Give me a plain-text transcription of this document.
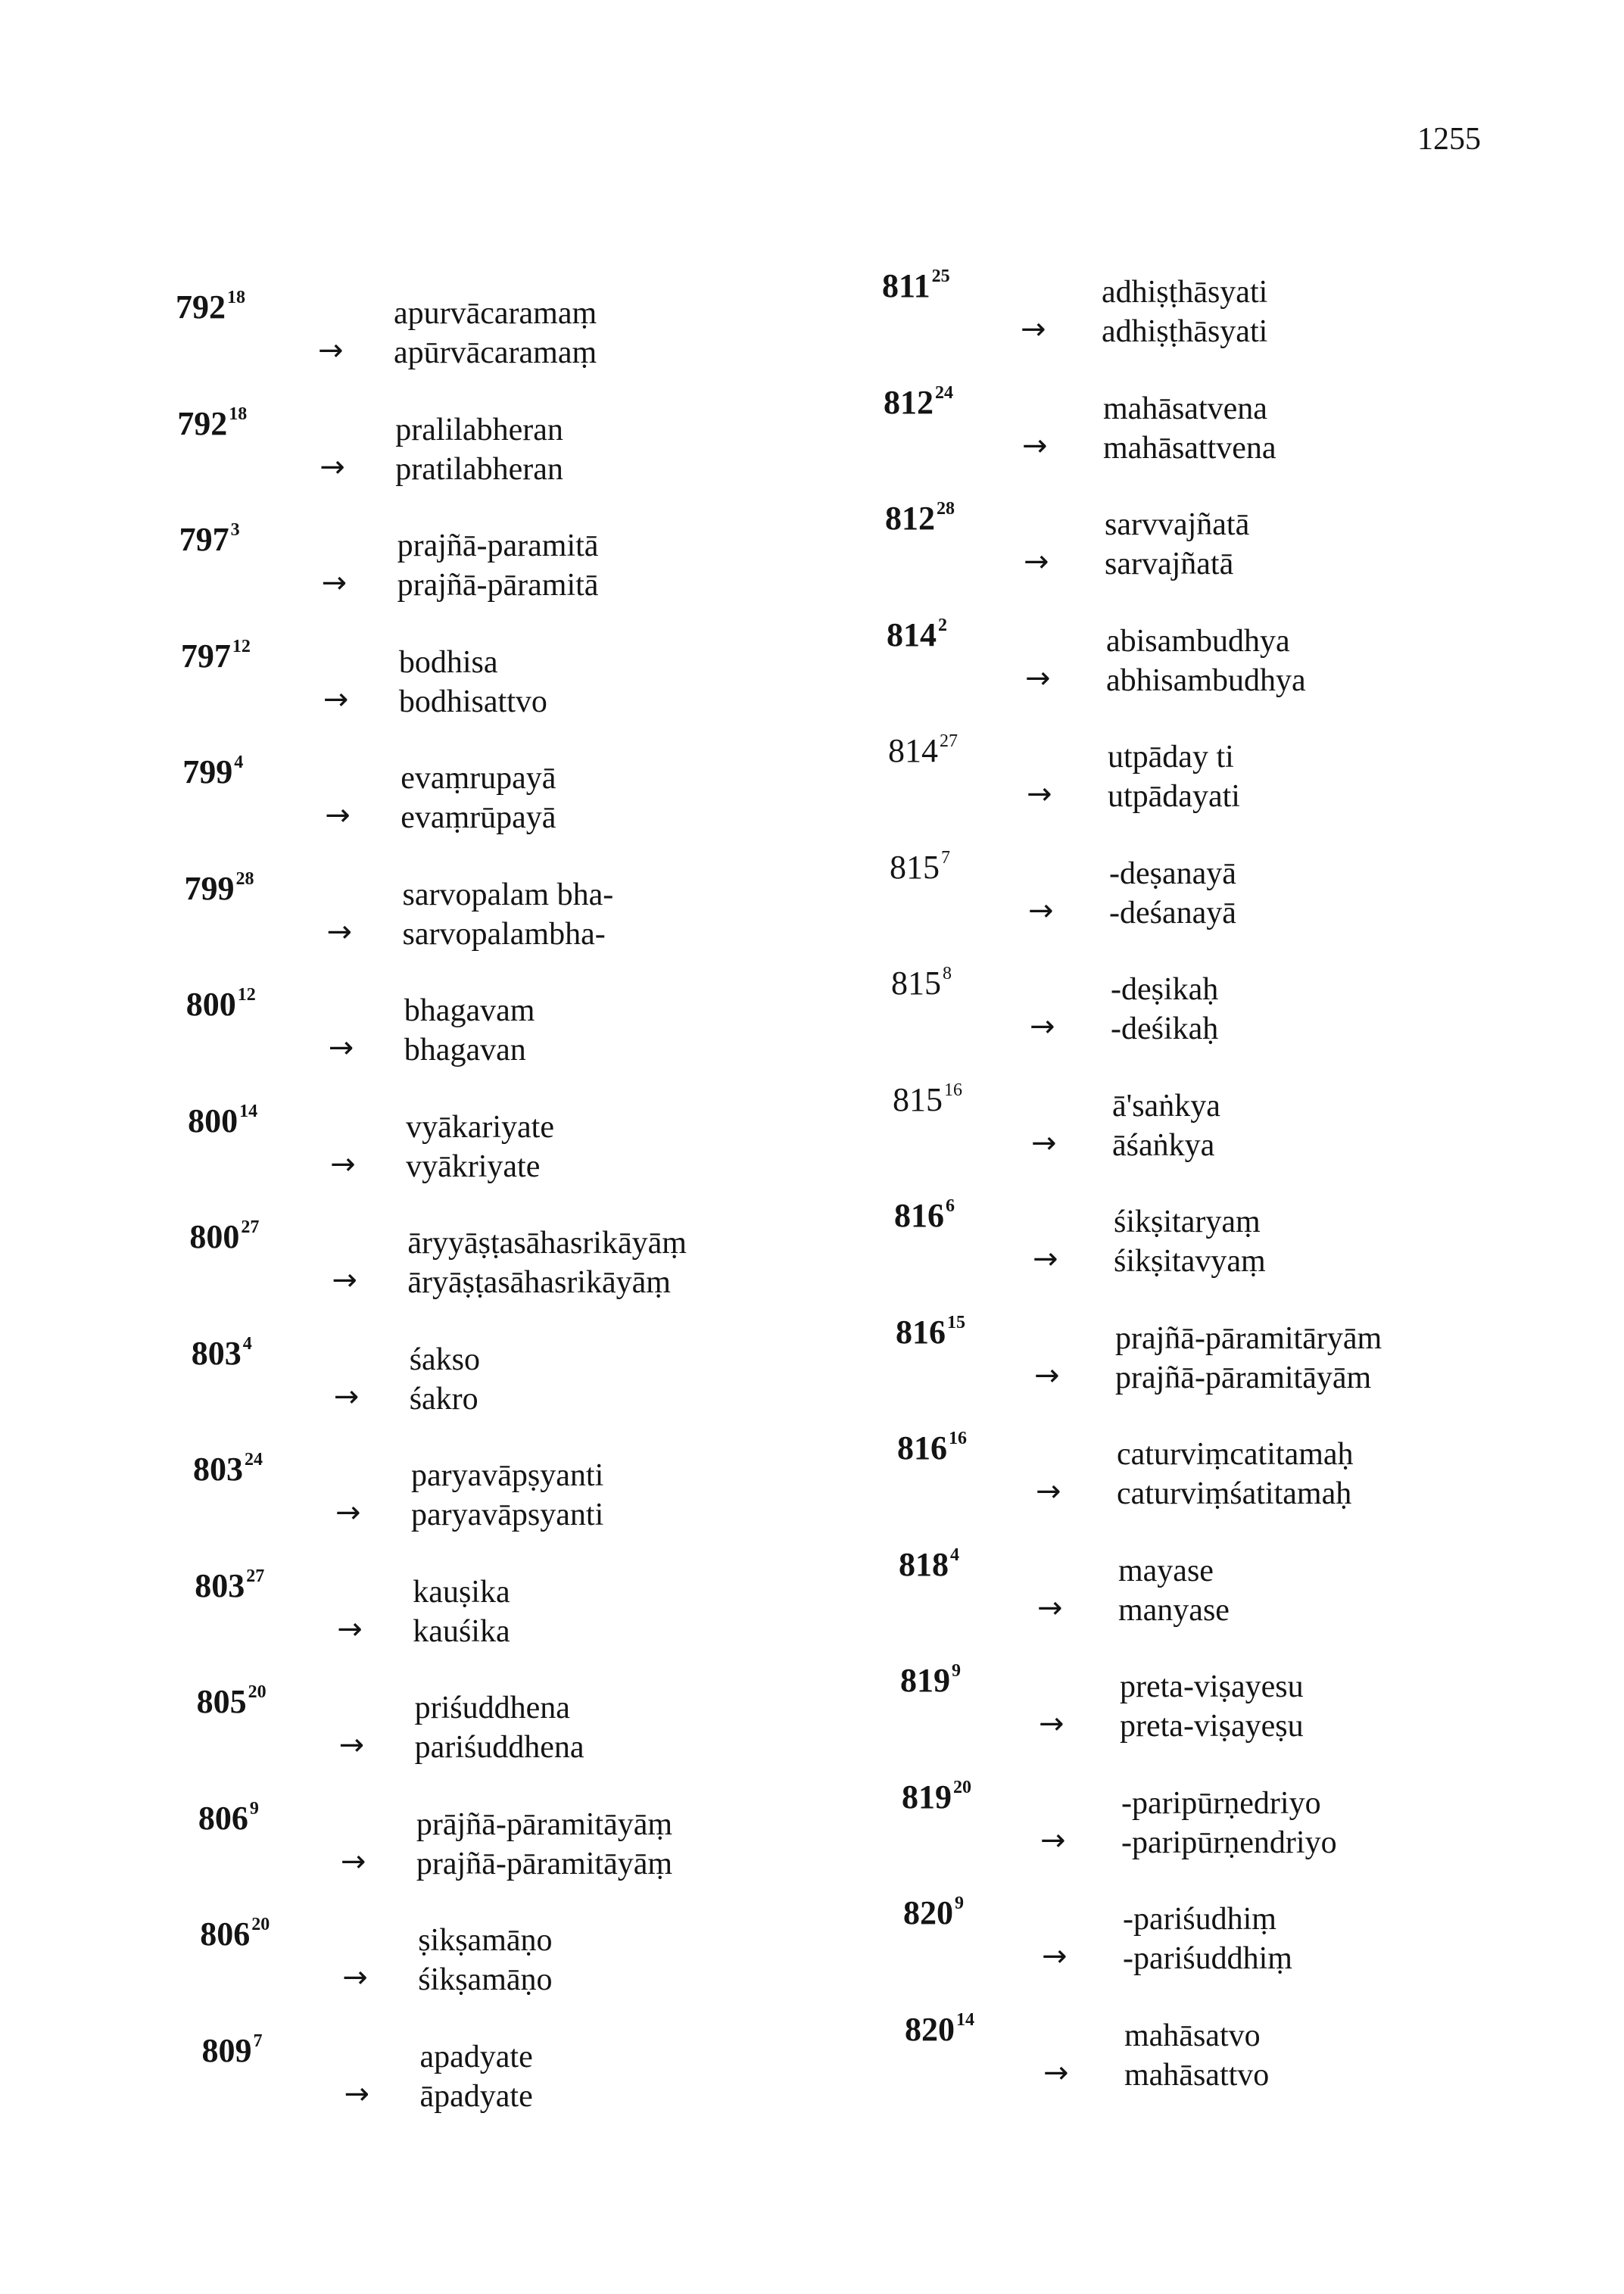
1255
$792^{18}$	apurvācaramaṃ
→ apūrvācaramaṃ
$792^{18}$	pralilabheran
→ pratilabheran
$797^3$	prajñā-paramitā
→ prajñā-pāramitā
$797^{12}$	bodhisa
→ bodhisattvo
$799^4$	evaṃrupayā
→ evaṃrūpayā
$799^{28}$	sarvopalam bha-
→ sarvopalambha-
$800^{12}$	bhagavam
→ bhagavan
$800^{14}$	vyākariyate
→ vyākriyate
$800^{27}$	āryyāṣṭasāhasrikāyāṃ
→ āryāṣṭasāhasrikāyāṃ
$803^4$	śakso
→ śakro
$803^{24}$	paryavāpṣyanti
→ paryavāpsyanti
$803^{27}$	kauṣika
→ kauśika
$805^{20}$	priśuddhena
→ pariśuddhena
$806^9$	prājñā-pāramitāyāṃ
→ prajñā-pāramitāyāṃ
$806^{20}$	ṣikṣamāṇo
→ śikṣamāṇo
$809^7$	apadyate
→ āpadyate
$811^{25}$	adhiṣṭhāsyati
→ adhiṣṭhāsyati
$812^{24}$	mahāsatvena
→ mahāsattvena
$812^{28}$	sarvvajñatā
→ sarvajñatā
$814^2$	abisambudhya
→ abhisambudhya
$814^{27}$	utpāday ti
→ utpādayati
$815^7$	-deṣanayā
→ -deśanayā
$815^8$	-deṣikaḥ
→ -deśikaḥ
$815^{16}$	ā'saṅkya
→ āśaṅkya
$816^6$	śikṣitaryaṃ
→ śikṣitavyaṃ
$816^{15}$	prajñā-pāramitāryām
→ prajñā-pāramitāyām
$816^{16}$	caturviṃcatitamaḥ
→ caturviṃśatitamaḥ
$818^4$	mayase
→ manyase
$819^9$	preta-viṣayesu
→ preta-viṣayeṣu
$819^{20}$	-paripūrṇedriyo
→ -paripūrṇendriyo
$820^9$	-pariśudhiṃ
→ -pariśuddhiṃ
$820^{14}$	mahāsatvo
→ mahāsattvo
